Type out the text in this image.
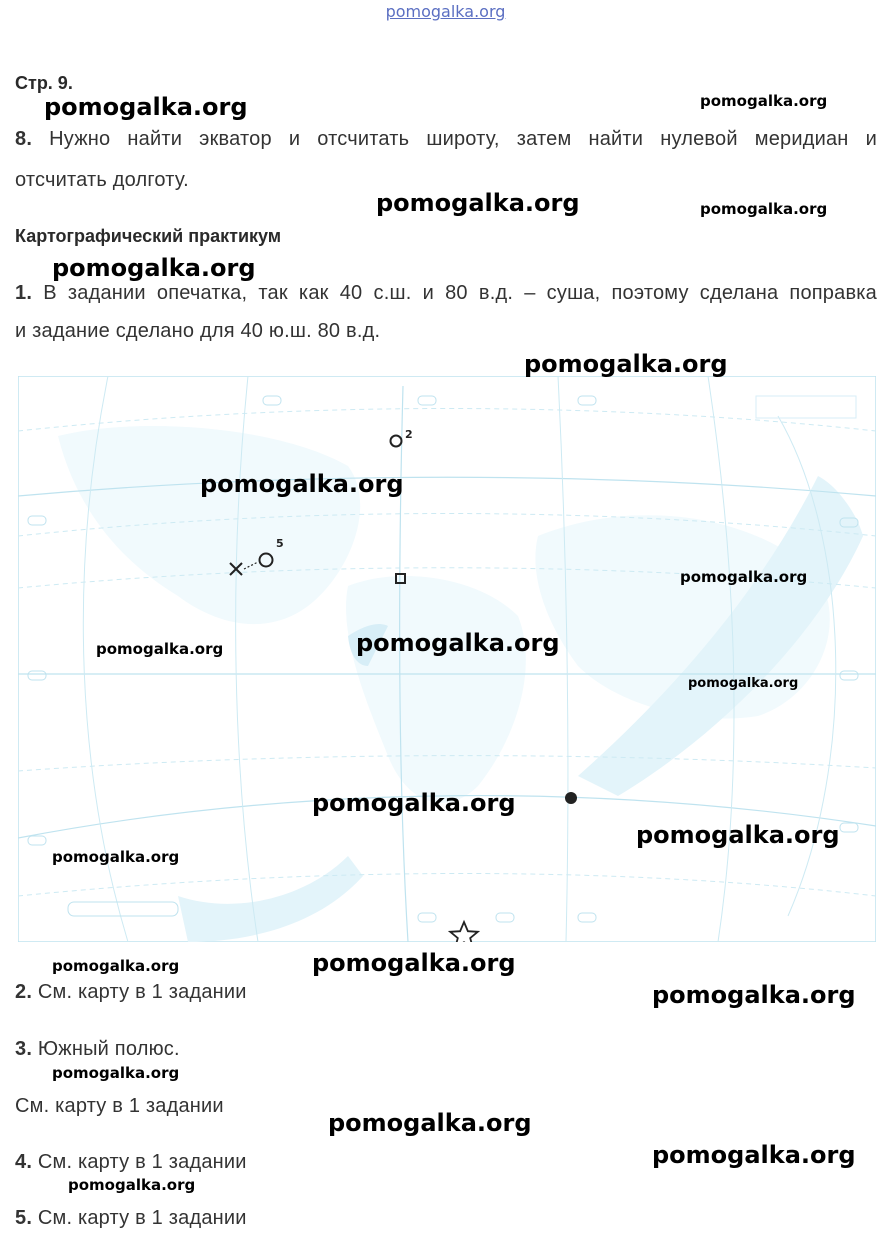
pomogalka.org
Стр. 9.
8. Нужно найти экватор и отсчитать широту, затем найти нулевой меридиан и
отсчитать долготу.
Картографический практикум
1. В задании опечатка, так как 40 с.ш. и 80 в.д. – суша, поэтому сделана поправка
и задание сделано для 40 ю.ш. 80 в.д.
2
5
2. См. карту в 1 задании
3. Южный полюс.
См. карту в 1 задании
4. См. карту в 1 задании
5. См. карту в 1 задании
pomogalka.org	pomogalka.org
pomogalka.org	pomogalka.org
pomogalka.org
pomogalka.org
pomogalka.org
pomogalka.org
pomogalka.org
pomogalka.org
pomogalka.org
pomogalka.org
pomogalka.org
pomogalka.org
pomogalka.org	pomogalka.org
pomogalka.org
pomogalka.org
pomogalka.org
pomogalka.org
pomogalka.org
